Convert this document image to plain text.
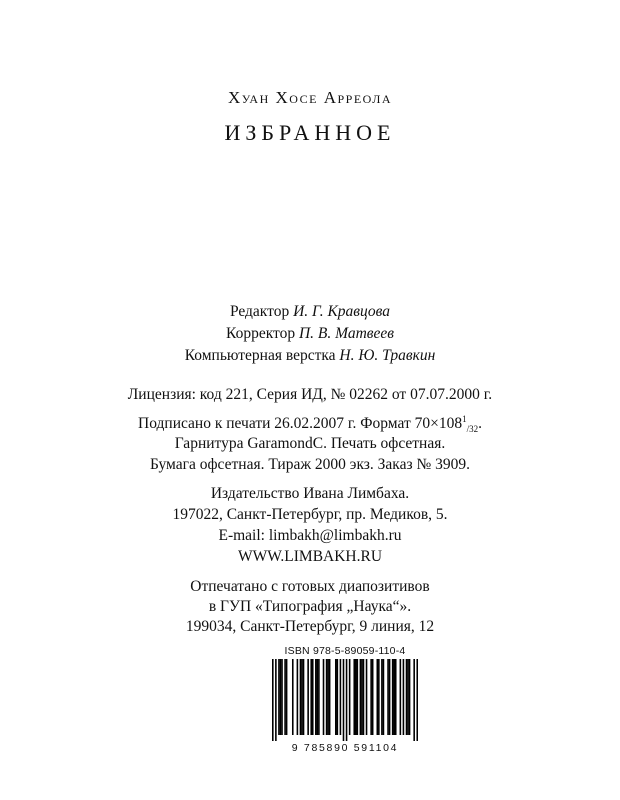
Хуан Хосе Арреола
ИЗБРАННОЕ
Редактор И. Г. Кравцова
Корректор П. В. Матвеев
Компьютерная верстка Н. Ю. Травкин
Лицензия: код 221, Серия ИД, № 02262 от 07.07.2000 г.
Подписано к печати 26.02.2007 г. Формат $70\times 108^1_{/32}$.
Гарнитура GaramondC. Печать офсетная.
Бумага офсетная. Тираж 2000 экз. Заказ № 3909.
Издательство Ивана Лимбаха.
197022, Санкт-Петербург, пр. Медиков, 5.
E-mail: limbakh@limbakh.ru
WWW.LIMBAKH.RU
Отпечатано с готовых диапозитивов
в ГУП «Типография „Наука“».
199034, Санкт-Петербург, 9 линия, 12
ISBN 978-5-89059-110-4
9 785890 591104
